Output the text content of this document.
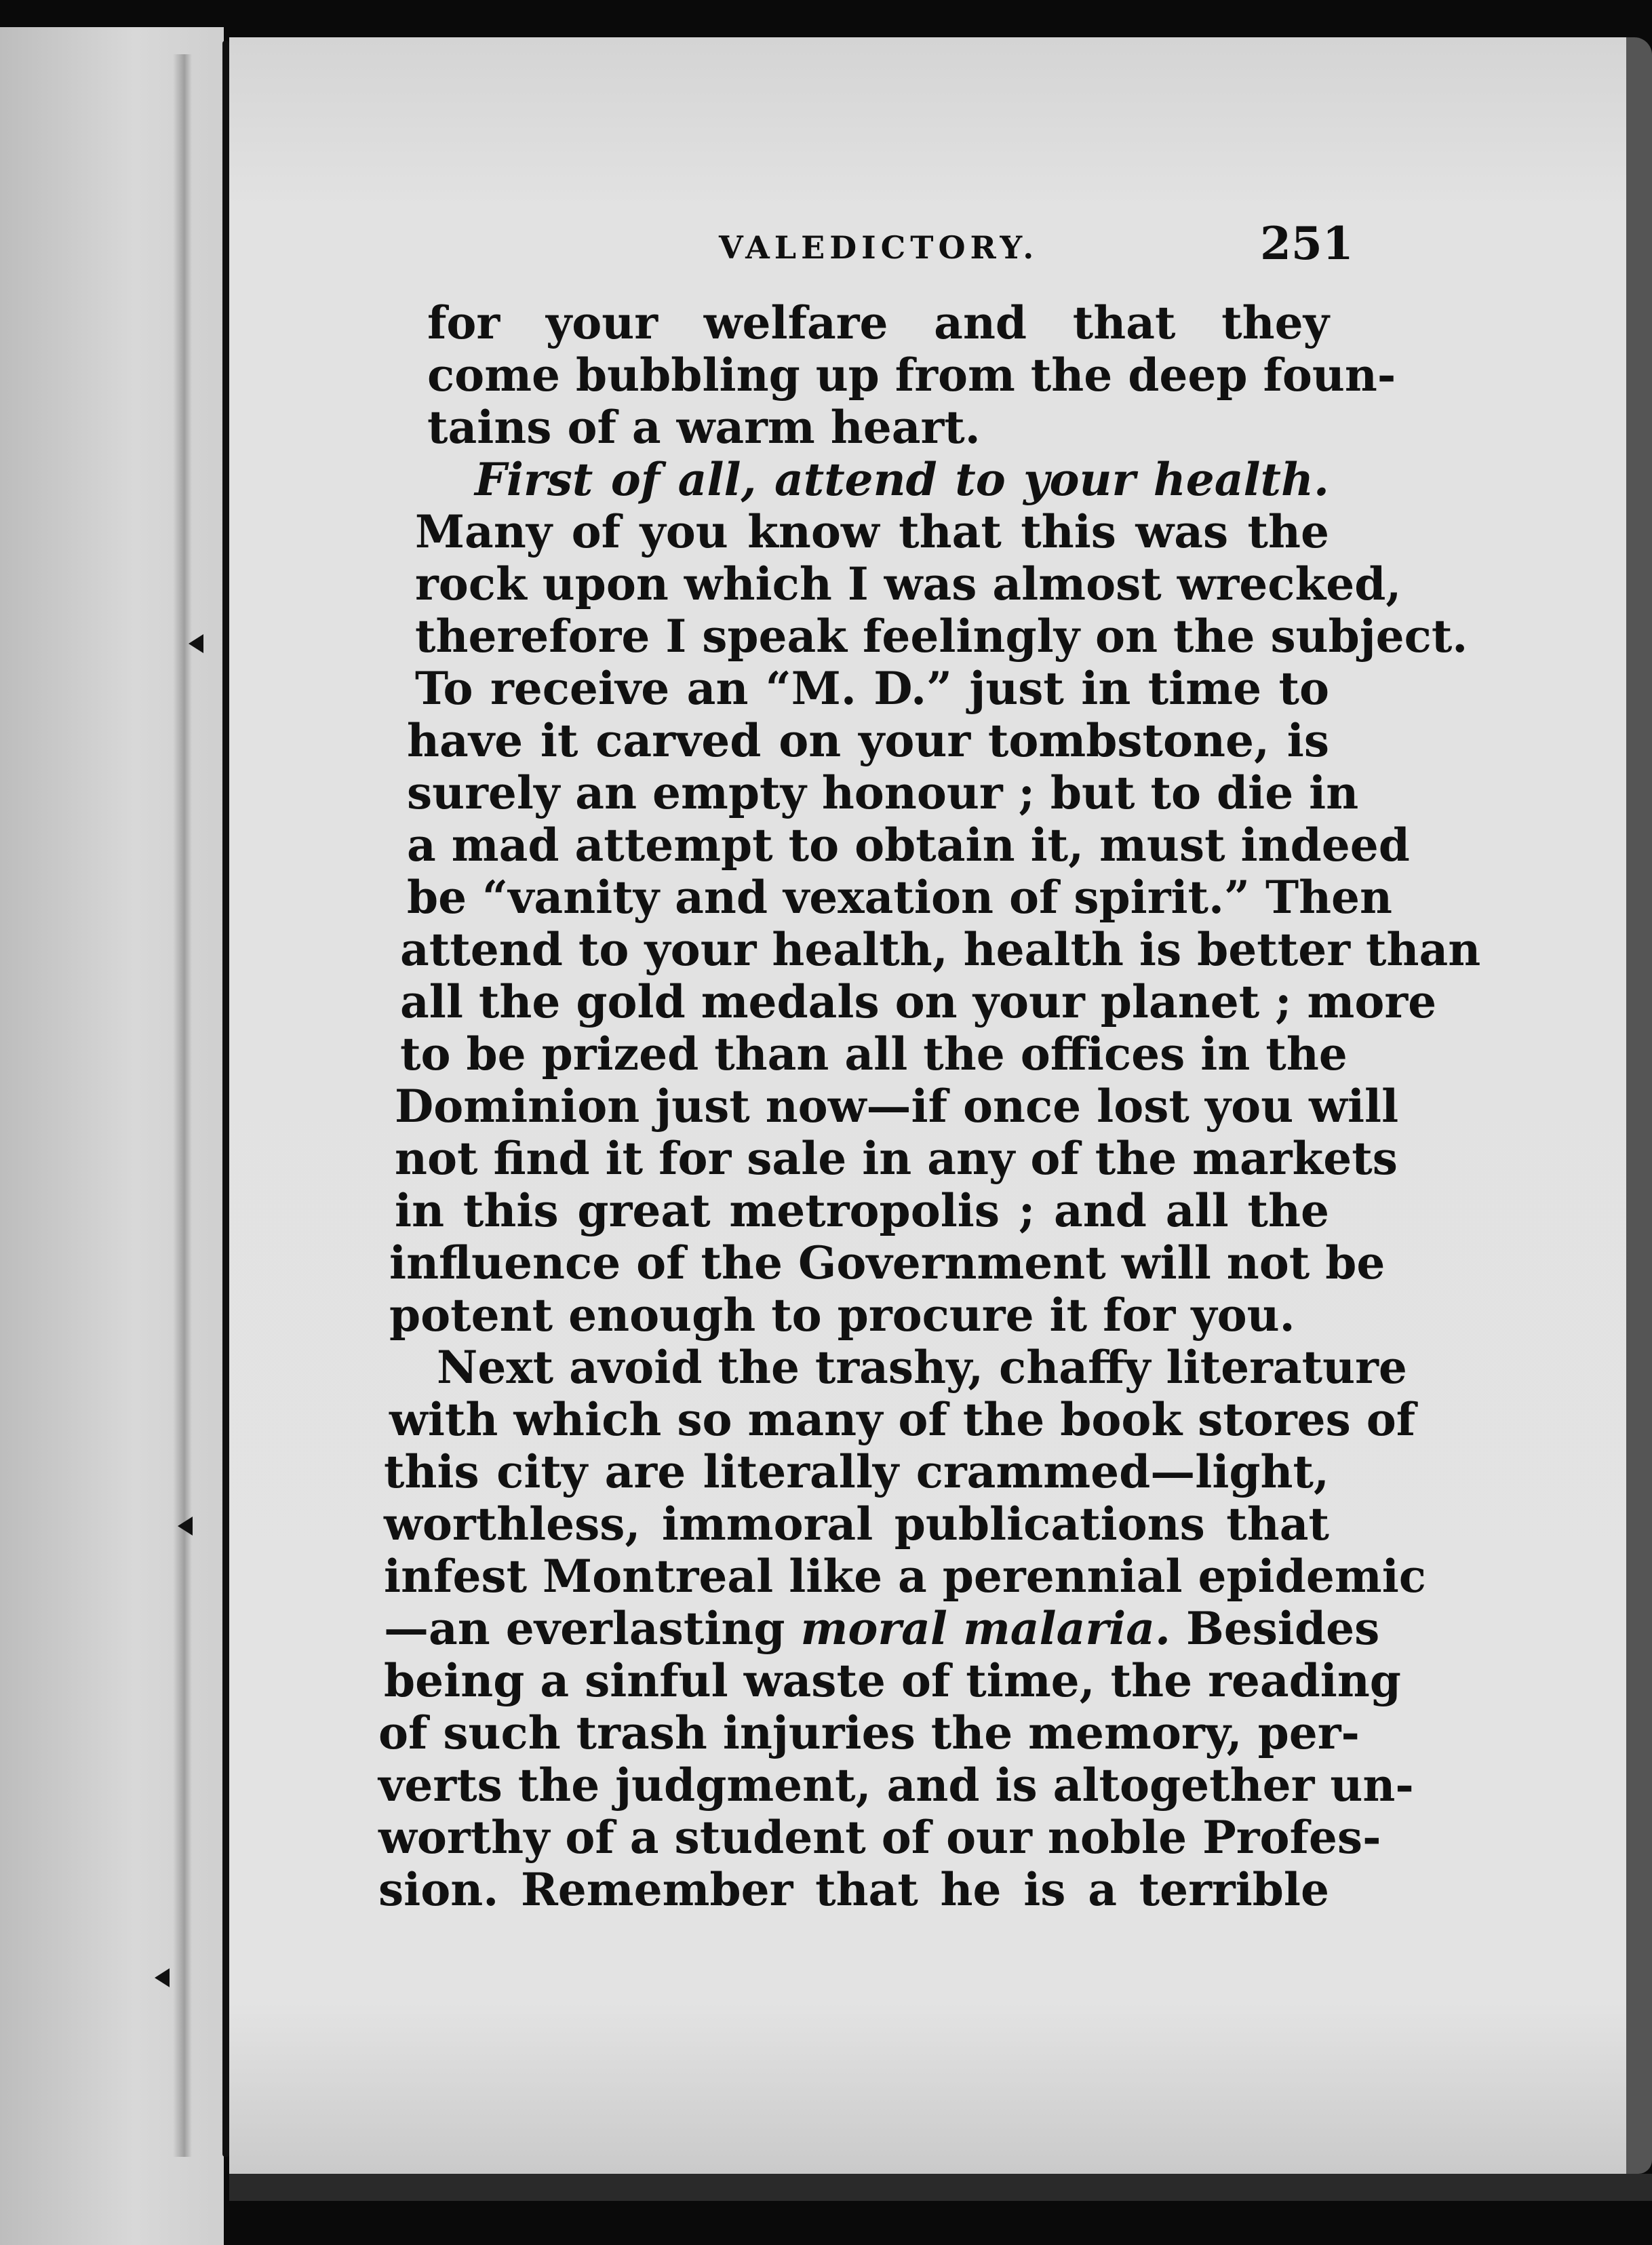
VALEDICTORY.	251
for your welfare and that they
come bubbling up from the deep foun-
tains of a warm heart.
First of all, attend to your health.
Many of you know that this was the
rock upon which I was almost wrecked,
therefore I speak feelingly on the subject.
To receive an “M. D.” just in time to
have it carved on your tombstone, is
surely an empty honour ; but to die in
a mad attempt to obtain it, must indeed
be “vanity and vexation of spirit.” Then
attend to your health, health is better than
all the gold medals on your planet ; more
to be prized than all the offices in the
Dominion just now—if once lost you will
not find it for sale in any of the markets
in this great metropolis ; and all the
influence of the Government will not be
potent enough to procure it for you.
Next avoid the trashy, chaffy literature
with which so many of the book stores of
this city are literally crammed—light,
worthless, immoral publications that
infest Montreal like a perennial epidemic
—an everlasting moral malaria. Besides
being a sinful waste of time, the reading
of such trash injuries the memory, per-
verts the judgment, and is altogether un-
worthy of a student of our noble Profes-
sion. Remember that he is a terrible
